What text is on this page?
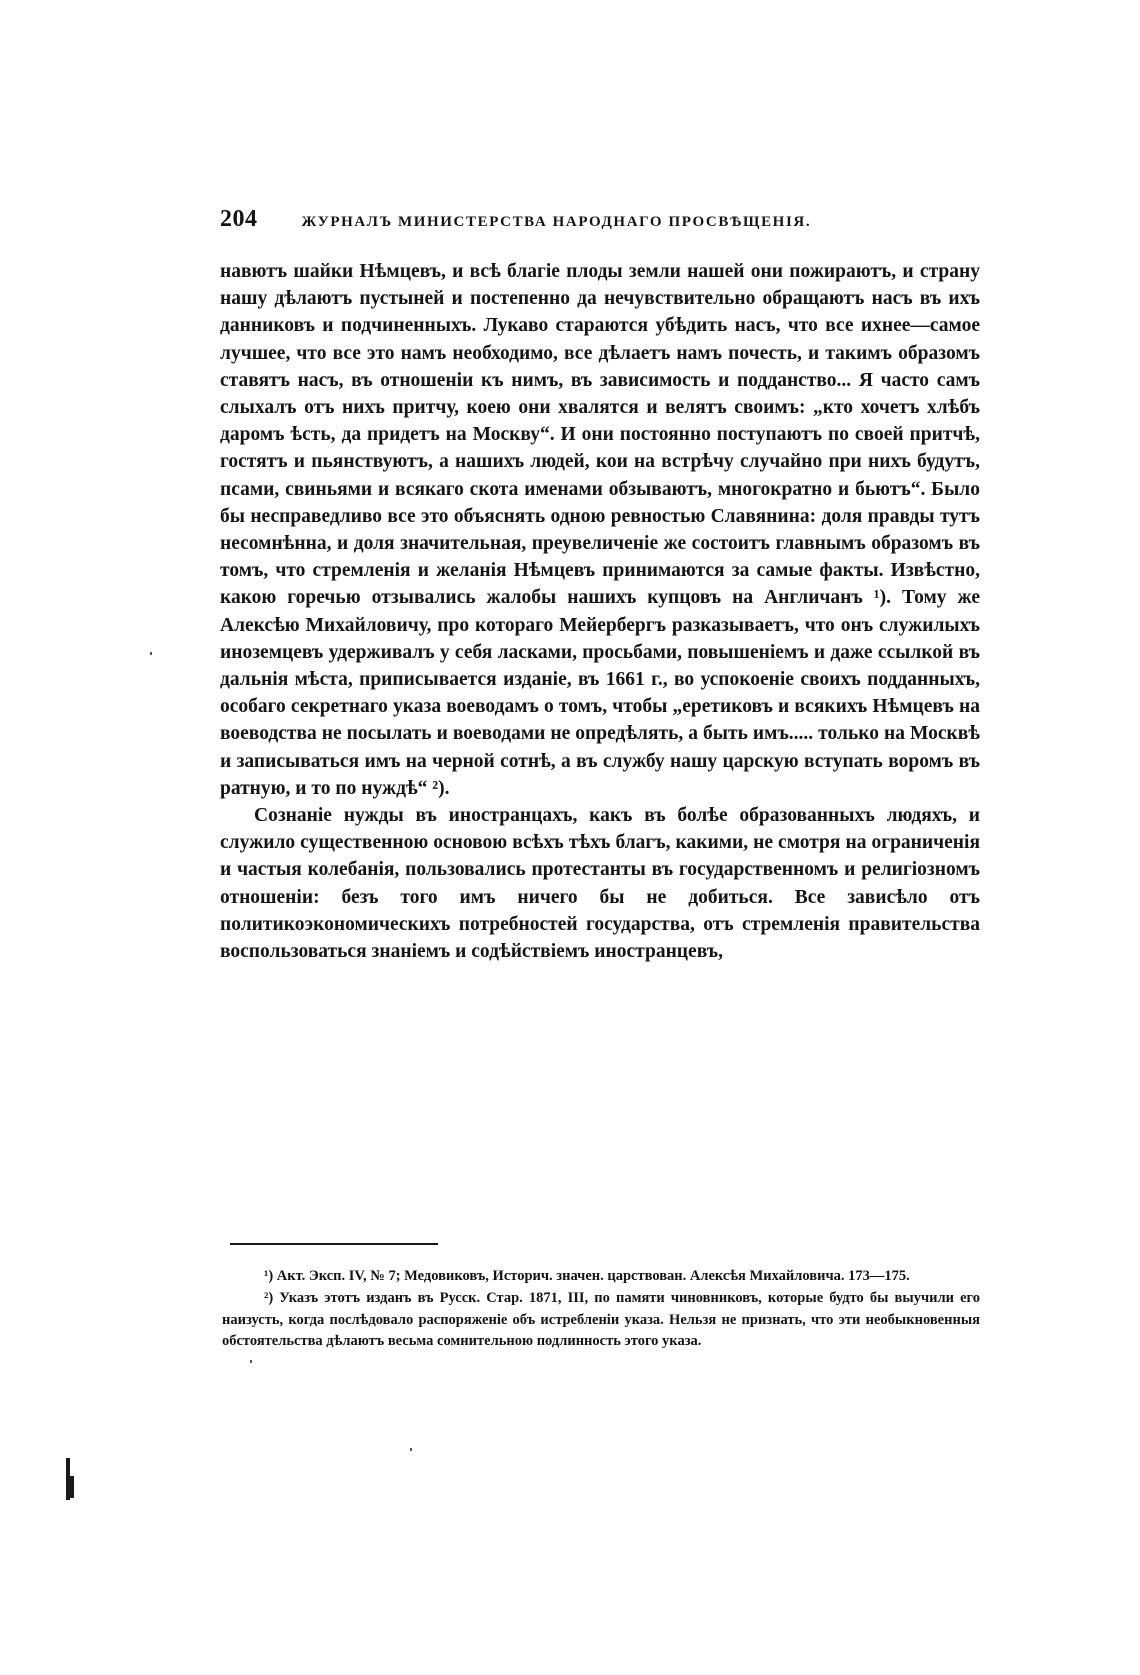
204	ЖУРНАЛЪ МИНИСТЕРСТВА НАРОДНАГО ПРОСВѢЩЕНІЯ.

навютъ шайки Нѣмцевъ, и всѣ благіе плоды земли нашей они пожираютъ, и страну нашу дѣлаютъ пустыней и постепенно да нечувствительно обращаютъ насъ въ ихъ данниковъ и подчиненныхъ. Лукаво стараются убѣдить насъ, что все ихнее—самое лучшее, что все это намъ необходимо, все дѣлаетъ намъ почесть, и такимъ образомъ ставятъ насъ, въ отношеніи къ нимъ, въ зависимость и подданство... Я часто самъ слыхалъ отъ нихъ притчу, коею они хвалятся и велятъ своимъ: „кто хочетъ хлѣбъ даромъ ѣсть, да придетъ на Москву“. И они постоянно поступаютъ по своей притчѣ, гостятъ и пьянствуютъ, а нашихъ людей, кои на встрѣчу случайно при нихъ будутъ, псами, свиньями и всякаго скота именами обзываютъ, многократно и бьютъ“. Было бы несправедливо все это объяснять одною ревностью Славянина: доля правды тутъ несомнѣнна, и доля значительная, преувеличеніе же состоитъ главнымъ образомъ въ томъ, что стремленія и желанія Нѣмцевъ принимаются за самые факты. Извѣстно, какою горечью отзывались жалобы нашихъ купцовъ на Англичанъ ¹). Тому же Алексѣю Михайловичу, про котораго Мейербергъ разказываетъ, что онъ служилыхъ иноземцевъ удерживалъ у себя ласками, просьбами, повышеніемъ и даже ссылкой въ дальнія мѣста, приписывается изданіе, въ 1661 г., во успокоеніе своихъ подданныхъ, особаго секретнаго указа воеводамъ о томъ, чтобы „еретиковъ и всякихъ Нѣмцевъ на воеводства не посылать и воеводами не опредѣлять, а быть имъ..... только на Москвѣ и записываться имъ на черной сотнѣ, а въ службу нашу царскую вступать воромъ въ ратную, и то по нуждѣ“ ²).

Сознаніе нужды въ иностранцахъ, какъ въ болѣе образованныхъ людяхъ, и служило существенною основою всѣхъ тѣхъ благъ, какими, не смотря на ограниченія и частыя колебанія, пользовались протестанты въ государственномъ и религіозномъ отношеніи: безъ того имъ ничего бы не добиться. Все зависѣло отъ политикоэкономическихъ потребностей государства, отъ стремленія правительства воспользоваться знаніемъ и содѣйствіемъ иностранцевъ,

¹) Акт. Эксп. IV, № 7; Медовиковъ, Историч. значен. царствован. Алексѣя Михайловича. 173—175.

²) Указъ этотъ изданъ въ Русск. Стар. 1871, III, по памяти чиновниковъ, которые будто бы выучили его наизусть, когда послѣдовало распоряженіе объ истребленіи указа. Нельзя не признать, что эти необыкновенныя обстоятельства дѣлаютъ весьма сомнительною подлинность этого указа.
